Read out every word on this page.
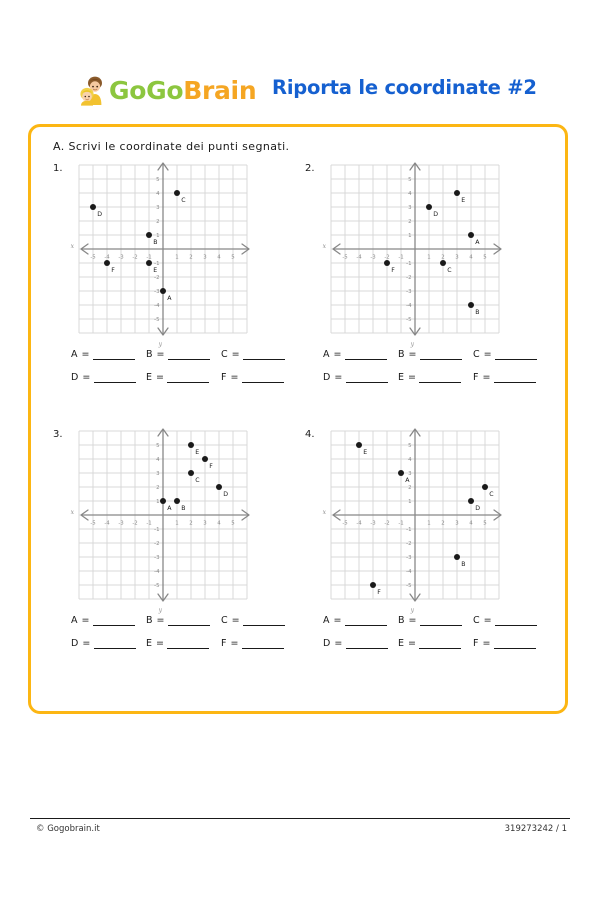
GoGoBrain Riporta le coordinate #2
A. Scrivi le coordinate dei punti segnati.
1.
-5 -4 -3 -2 -1	1 2 3 4 5
5
4
3
2
1
-1
-2
-3
-4
-5
x
y
A
B
C
D
E
F
A =	B =	C =
D =	E =	F =
2.
-5 -4 -3 -2 -1	1 2 3 4 5
5
4
3
2
1
-1
-2
-3
-4
-5
x
y
A
B
C
D
E
F
A =	B =	C =
D =	E =	F =
3.
-5 -4 -3 -2 -1	1 2 3 4 5
5
4
3
2
1
-1
-2
-3
-4
-5
x
y
A B
C
D
E
F
A =	B =	C =
D =	E =	F =
4.
-5 -4 -3 -2 -1	1 2 3 4 5
5
4
3
2
1
-1
-2
-3
-4
-5
x
y
A
B
C
D
E
F
A =	B =	C =
D =	E =	F =
© Gogobrain.it	319273242 / 1
